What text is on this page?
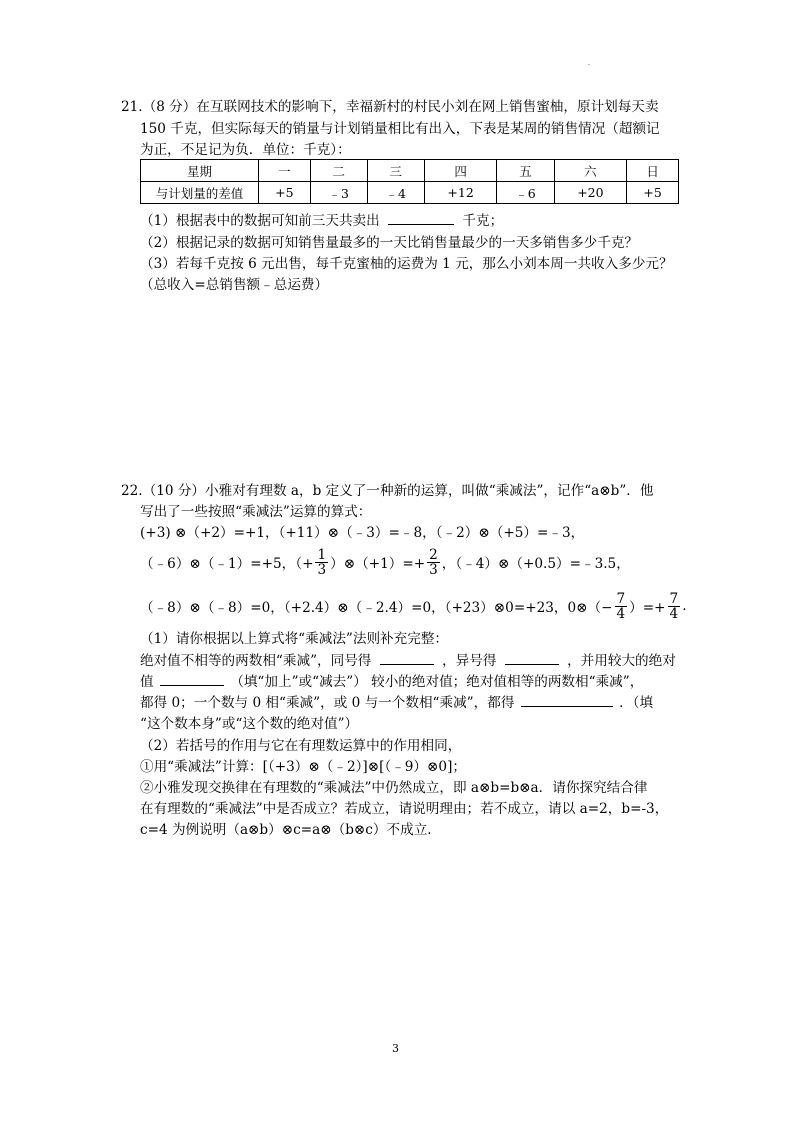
.
21.（8 分）在互联网技术的影响下，幸福新村的村民小刘在网上销售蜜柚，原计划每天卖
150 千克，但实际每天的销量与计划销量相比有出入，下表是某周的销售情况（超额记
为正，不足记为负．单位：千克）：
星期	一	二	三	四	五	六	日
与计划量的差值	+5	﹣3	﹣4	+12	﹣6	+20	+5
（1）根据表中的数据可知前三天共卖出	千克；
（2）根据记录的数据可知销售量最多的一天比销售量最少的一天多销售多少千克？
（3）若每千克按 6 元出售，每千克蜜柚的运费为 1 元，那么小刘本周一共收入多少元？
（总收入=总销售额﹣总运费）
22.（10 分）小雅对有理数 a，b 定义了一种新的运算，叫做“乘减法”，记作“a⊗b”．他
写出了一些按照“乘减法”运算的算式：
(+3) ⊗（+2）=+1，（+11）⊗（﹣3）=﹣8，（﹣2）⊗（+5）=﹣3，
（﹣6）⊗（﹣1）=+5，（+ $\frac{1}{3}$ ）⊗（+1）=+ $\frac{2}{3}$ ，（﹣4）⊗（+0.5）=﹣3.5，
（﹣8）⊗（﹣8）=0，（+2.4）⊗（﹣2.4）=0，（+23）⊗0=+23，0⊗（− $\frac{7}{4}$ ）=+ $\frac{7}{4}$ .
（1）请你根据以上算式将“乘减法”法则补充完整：
绝对值不相等的两数相“乘减”，同号得	，异号得	，并用较大的绝对
值	（填“加上”或“减去”） 较小的绝对值；绝对值相等的两数相“乘减”，
都得 0；一个数与 0 相“乘减”，或 0 与一个数相“乘减”，都得	．（填
“这个数本身”或“这个数的绝对值”）
（2）若括号的作用与它在有理数运算中的作用相同，
①用“乘减法”计算：[（+3）⊗（﹣2）]⊗[（﹣9）⊗0]；
②小雅发现交换律在有理数的“乘减法”中仍然成立，即 a⊗b=b⊗a．请你探究结合律
在有理数的“乘减法”中是否成立？若成立，请说明理由；若不成立，请以 a=2，b=-3，
c=4 为例说明（a⊗b）⊗c=a⊗（b⊗c）不成立.
3
